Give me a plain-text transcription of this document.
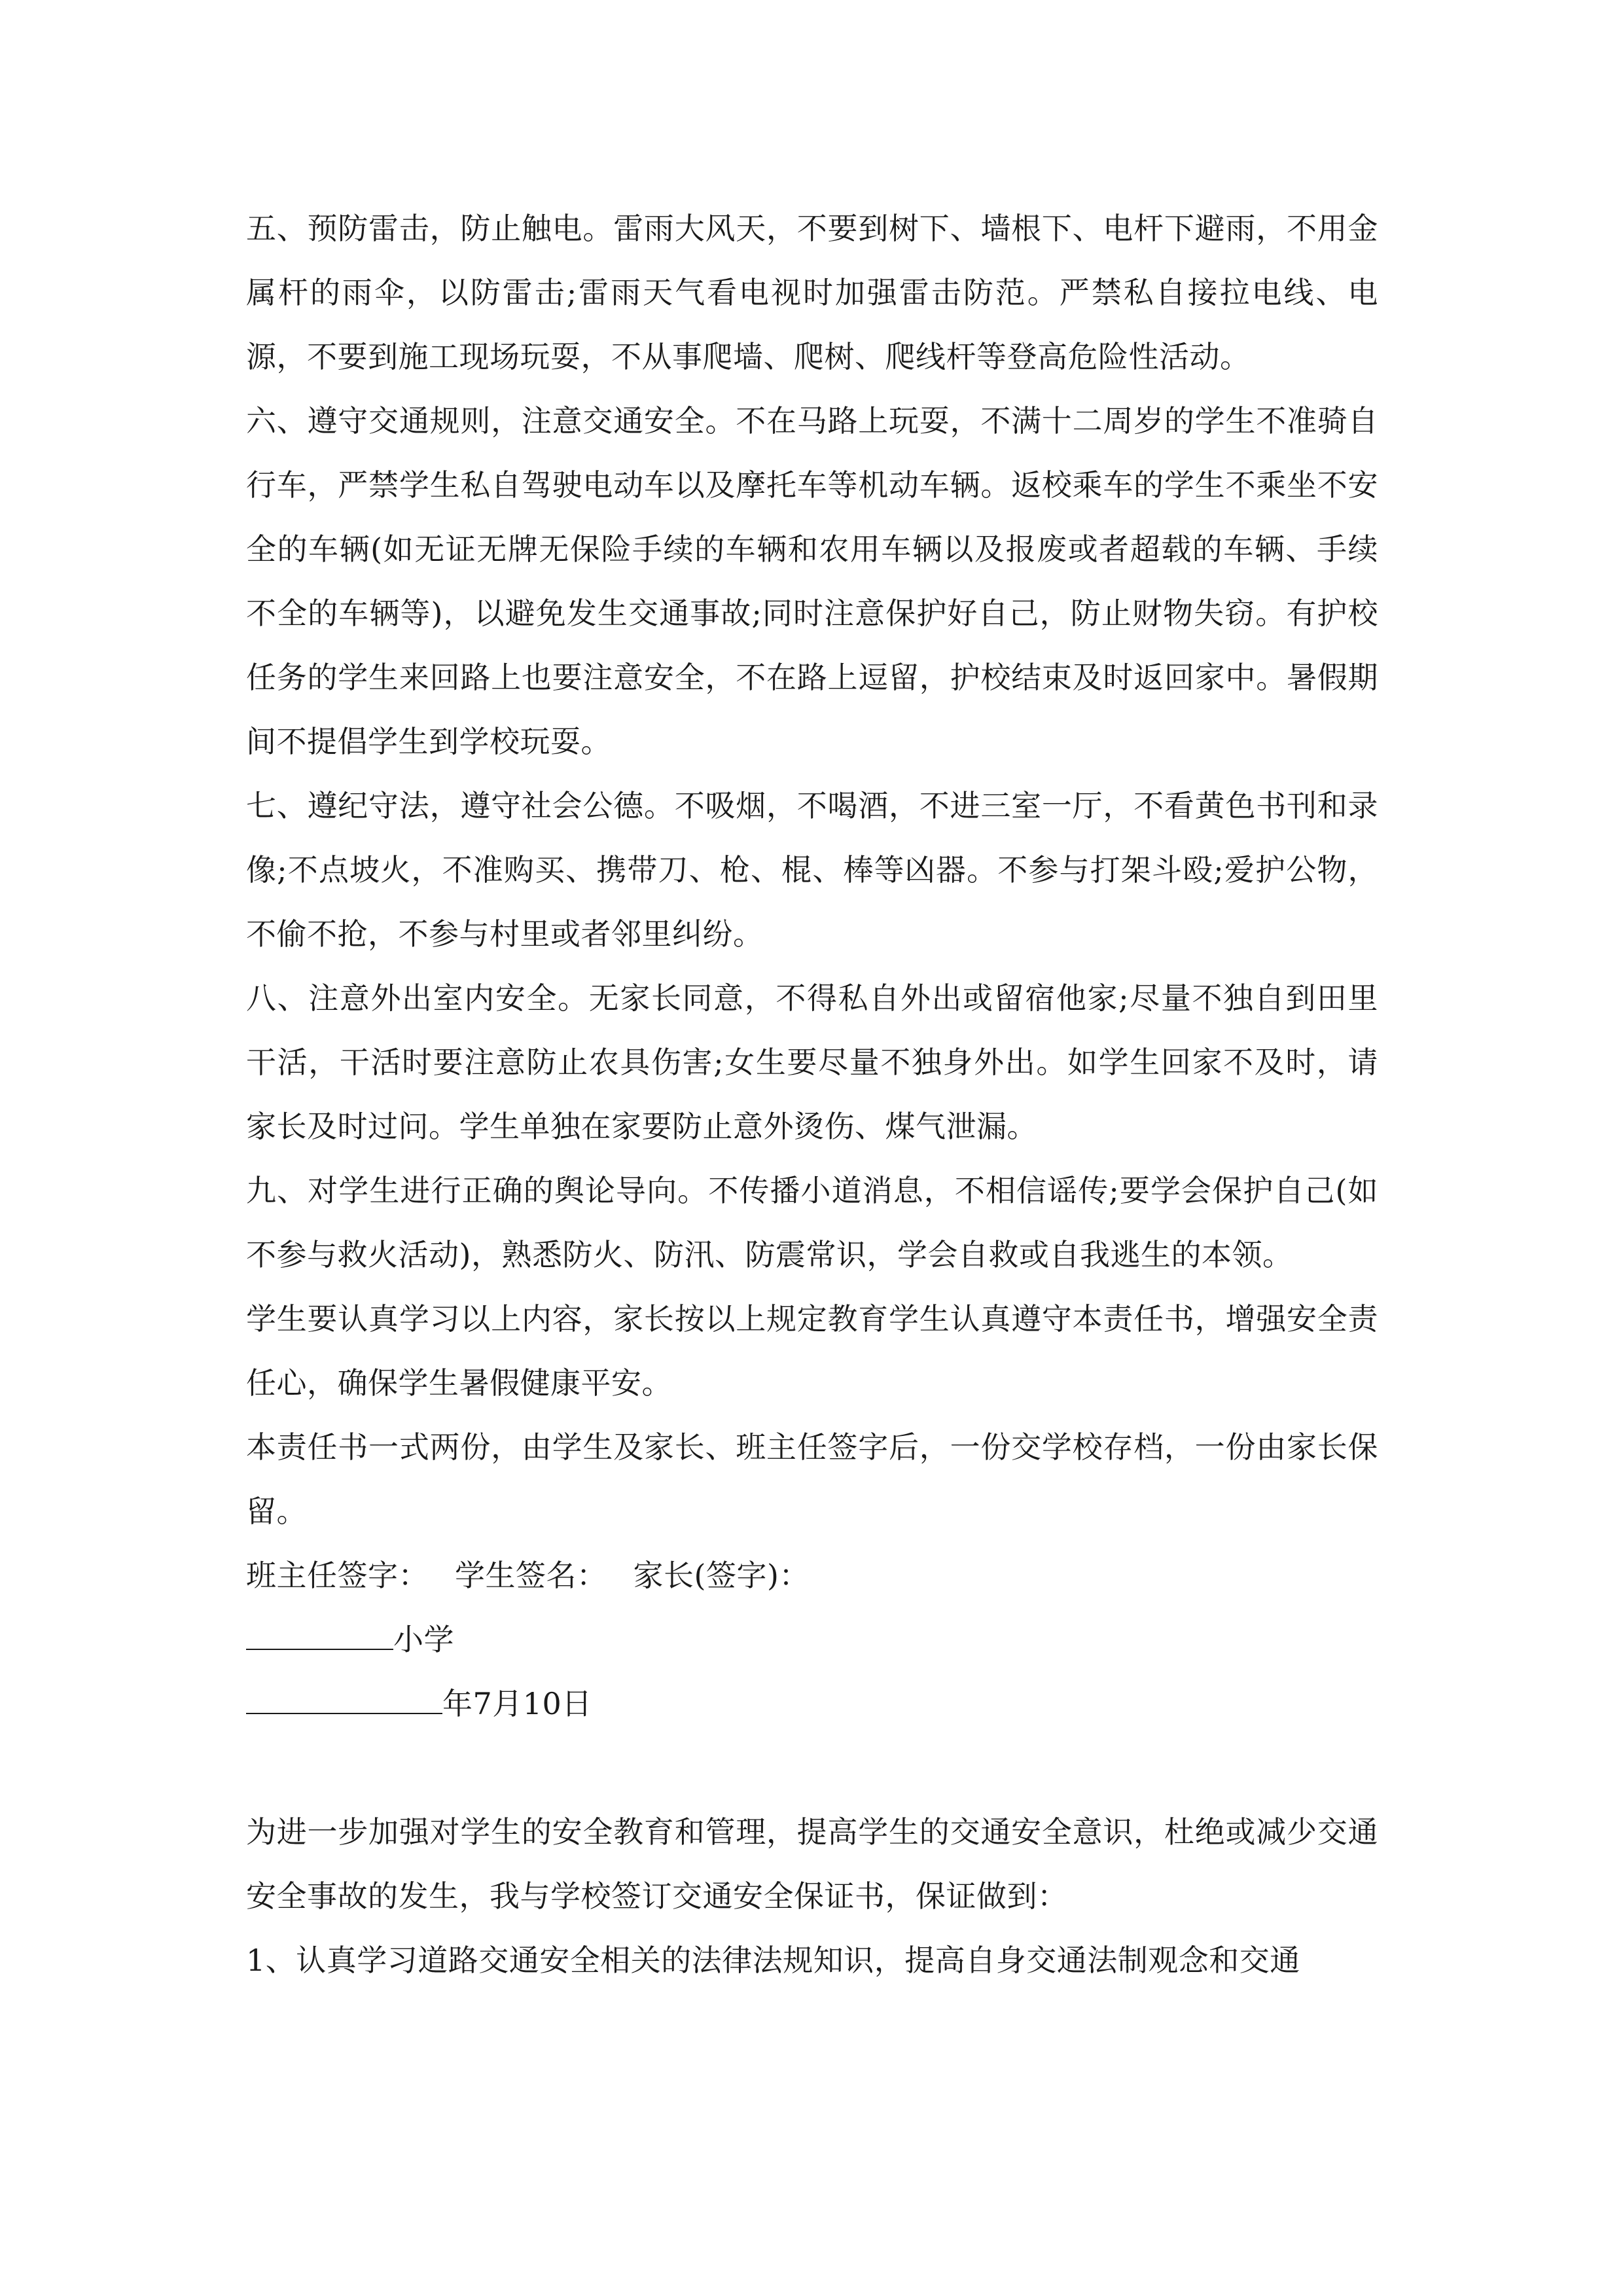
五、预防雷击，防止触电。雷雨大风天，不要到树下、墙根下、电杆下避雨，不用金属杆的雨伞，以防雷击;雷雨天气看电视时加强雷击防范。严禁私自接拉电线、电源，不要到施工现场玩耍，不从事爬墙、爬树、爬线杆等登高危险性活动。

六、遵守交通规则，注意交通安全。不在马路上玩耍，不满十二周岁的学生不准骑自行车，严禁学生私自驾驶电动车以及摩托车等机动车辆。返校乘车的学生不乘坐不安全的车辆(如无证无牌无保险手续的车辆和农用车辆以及报废或者超载的车辆、手续不全的车辆等)，以避免发生交通事故;同时注意保护好自己，防止财物失窃。有护校任务的学生来回路上也要注意安全，不在路上逗留，护校结束及时返回家中。暑假期间不提倡学生到学校玩耍。

七、遵纪守法，遵守社会公德。不吸烟，不喝酒，不进三室一厅，不看黄色书刊和录像;不点坡火，不准购买、携带刀、枪、棍、棒等凶器。不参与打架斗殴;爱护公物，不偷不抢，不参与村里或者邻里纠纷。

八、注意外出室内安全。无家长同意，不得私自外出或留宿他家;尽量不独自到田里干活，干活时要注意防止农具伤害;女生要尽量不独身外出。如学生回家不及时，请家长及时过问。学生单独在家要防止意外烫伤、煤气泄漏。

九、对学生进行正确的舆论导向。不传播小道消息，不相信谣传;要学会保护自己(如不参与救火活动)，熟悉防火、防汛、防震常识，学会自救或自我逃生的本领。

学生要认真学习以上内容，家长按以上规定教育学生认真遵守本责任书，增强安全责任心，确保学生暑假健康平安。

本责任书一式两份，由学生及家长、班主任签字后，一份交学校存档，一份由家长保留。

班主任签字： 学生签名： 家长(签字)：

小学

年7月10日

为进一步加强对学生的安全教育和管理，提高学生的交通安全意识，杜绝或减少交通安全事故的发生，我与学校签订交通安全保证书，保证做到：

1、认真学习道路交通安全相关的法律法规知识，提高自身交通法制观念和交通
